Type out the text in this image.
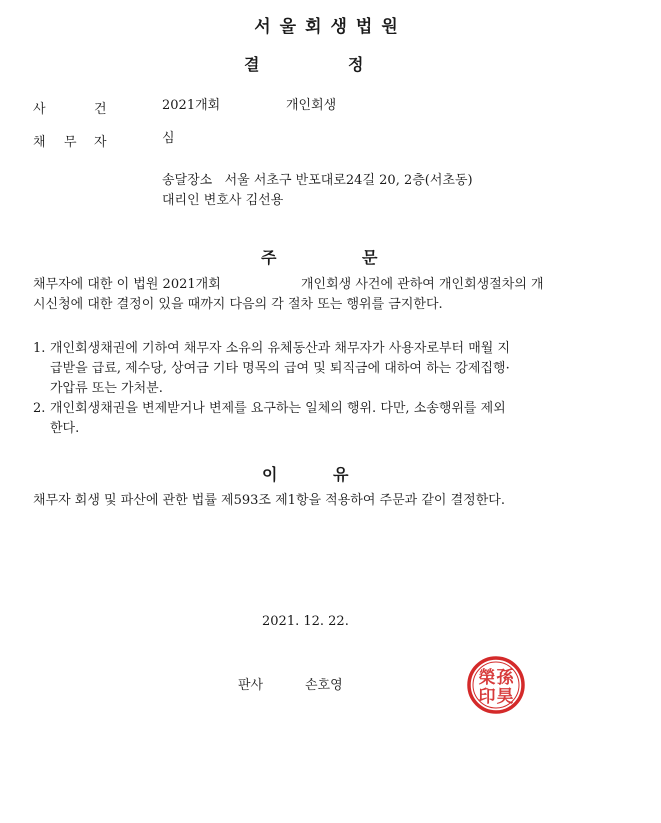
서울회생법원
결	정
사	건	2021개회	개인회생
채 무 자	심
송달장소   서울 서초구 반포대로24길 20, 2층(서초동)
대리인 변호사 김선용
주	문
채무자에 대한 이 법원 2021개회	개인회생 사건에 관하여 개인회생절차의 개
시신청에 대한 결정이 있을 때까지 다음의 각 절차 또는 행위를 금지한다.
1. 개인회생채권에 기하여 채무자 소유의 유체동산과 채무자가 사용자로부터 매월 지
급받을 급료, 제수당, 상여금 기타 명목의 급여 및 퇴직금에 대하여 하는 강제집행·
가압류 또는 가처분.
2. 개인회생채권을 변제받거나 변제를 요구하는 일체의 행위. 다만, 소송행위를 제외
한다.
이	유
채무자 회생 및 파산에 관한 법률 제593조 제1항을 적용하여 주문과 같이 결정한다.
2021. 12. 22.
판사	손호영	孫
昊
榮
印
